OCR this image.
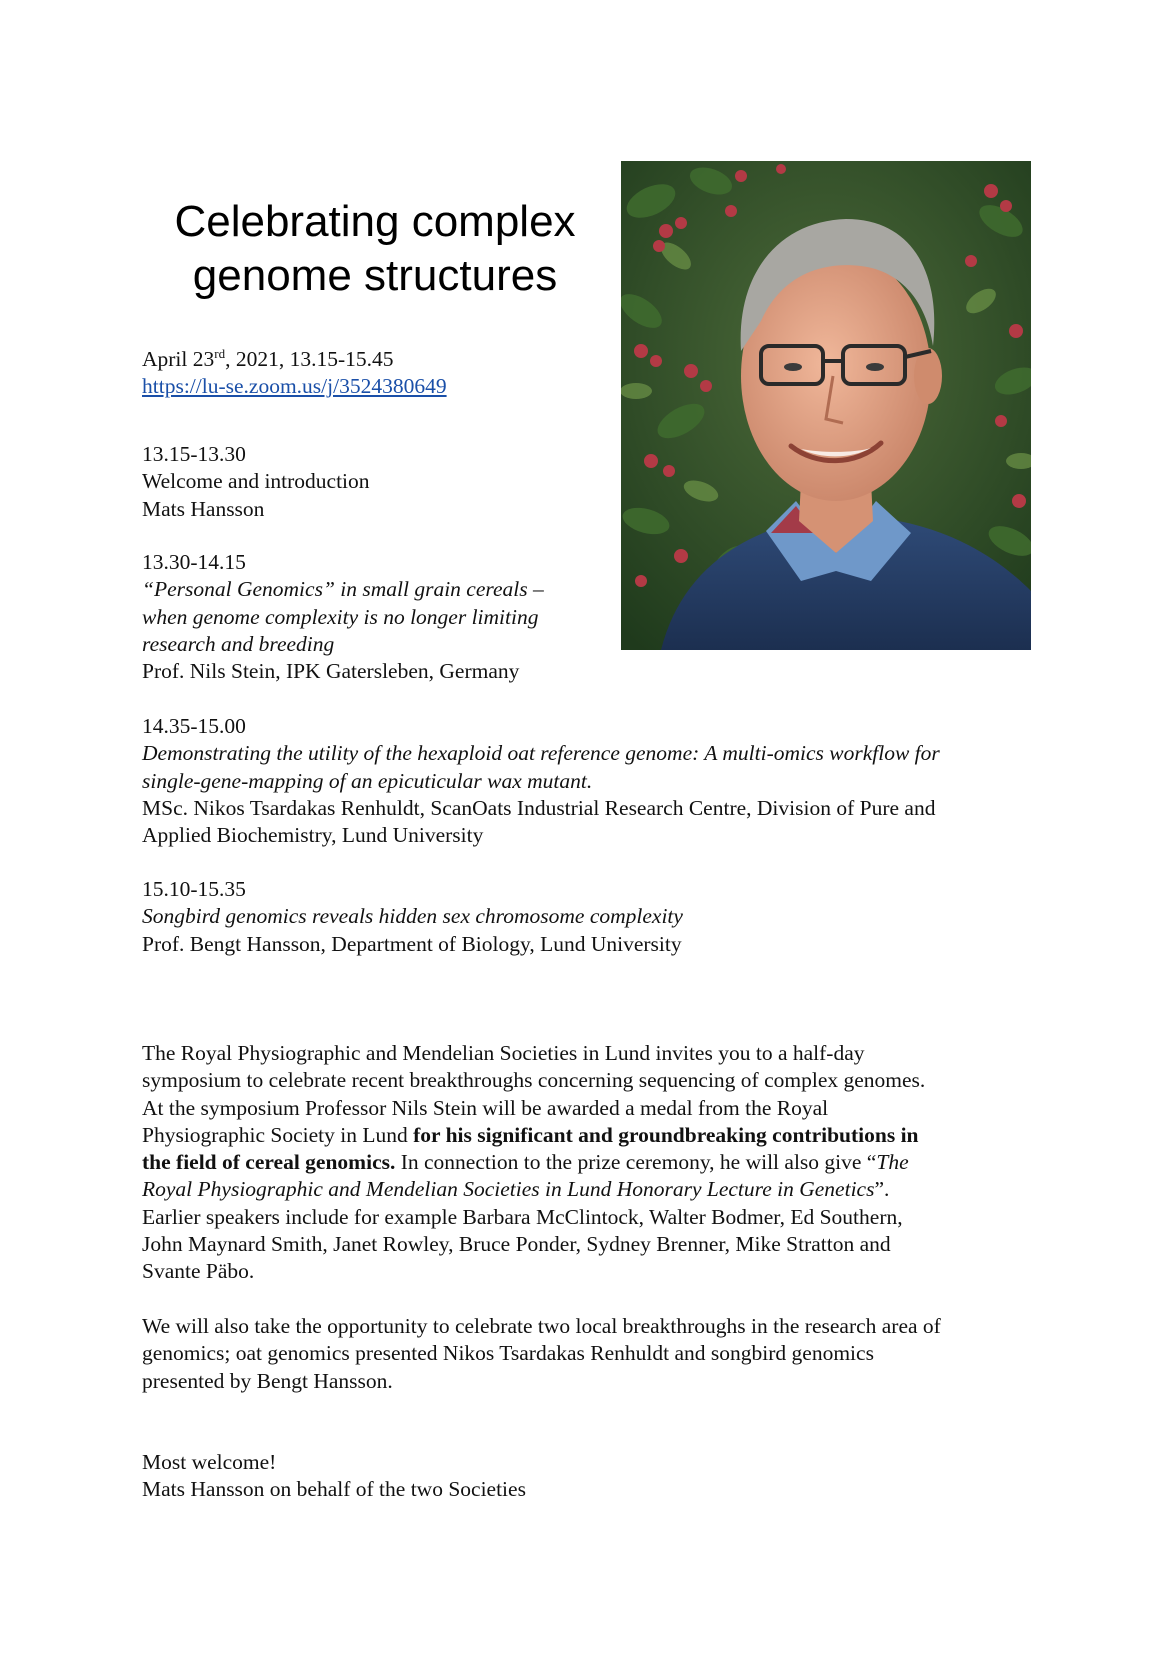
Celebrating complex
genome structures

April 23rd, 2021, 13.15-15.45

https://lu-se.zoom.us/j/3524380649

13.15-13.30

Welcome and introduction

Mats Hansson

13.30-14.15

“Personal Genomics” in small grain cereals –

when genome complexity is no longer limiting

research and breeding

Prof. Nils Stein, IPK Gatersleben, Germany

14.35-15.00

Demonstrating the utility of the hexaploid oat reference genome: A multi-omics workflow for

single-gene-mapping of an epicuticular wax mutant.

MSc. Nikos Tsardakas Renhuldt, ScanOats Industrial Research Centre, Division of Pure and

Applied Biochemistry, Lund University

15.10-15.35

Songbird genomics reveals hidden sex chromosome complexity

Prof. Bengt Hansson, Department of Biology, Lund University

The Royal Physiographic and Mendelian Societies in Lund invites you to a half-day

symposium to celebrate recent breakthroughs concerning sequencing of complex genomes.

At the symposium Professor Nils Stein will be awarded a medal from the Royal

Physiographic Society in Lund for his significant and groundbreaking contributions in

the field of cereal genomics. In connection to the prize ceremony, he will also give “The

Royal Physiographic and Mendelian Societies in Lund Honorary Lecture in Genetics”.

Earlier speakers include for example Barbara McClintock, Walter Bodmer, Ed Southern,

John Maynard Smith, Janet Rowley, Bruce Ponder, Sydney Brenner, Mike Stratton and

Svante Päbo.

We will also take the opportunity to celebrate two local breakthroughs in the research area of

genomics; oat genomics presented Nikos Tsardakas Renhuldt and songbird genomics

presented by Bengt Hansson.

Most welcome!

Mats Hansson on behalf of the two Societies
